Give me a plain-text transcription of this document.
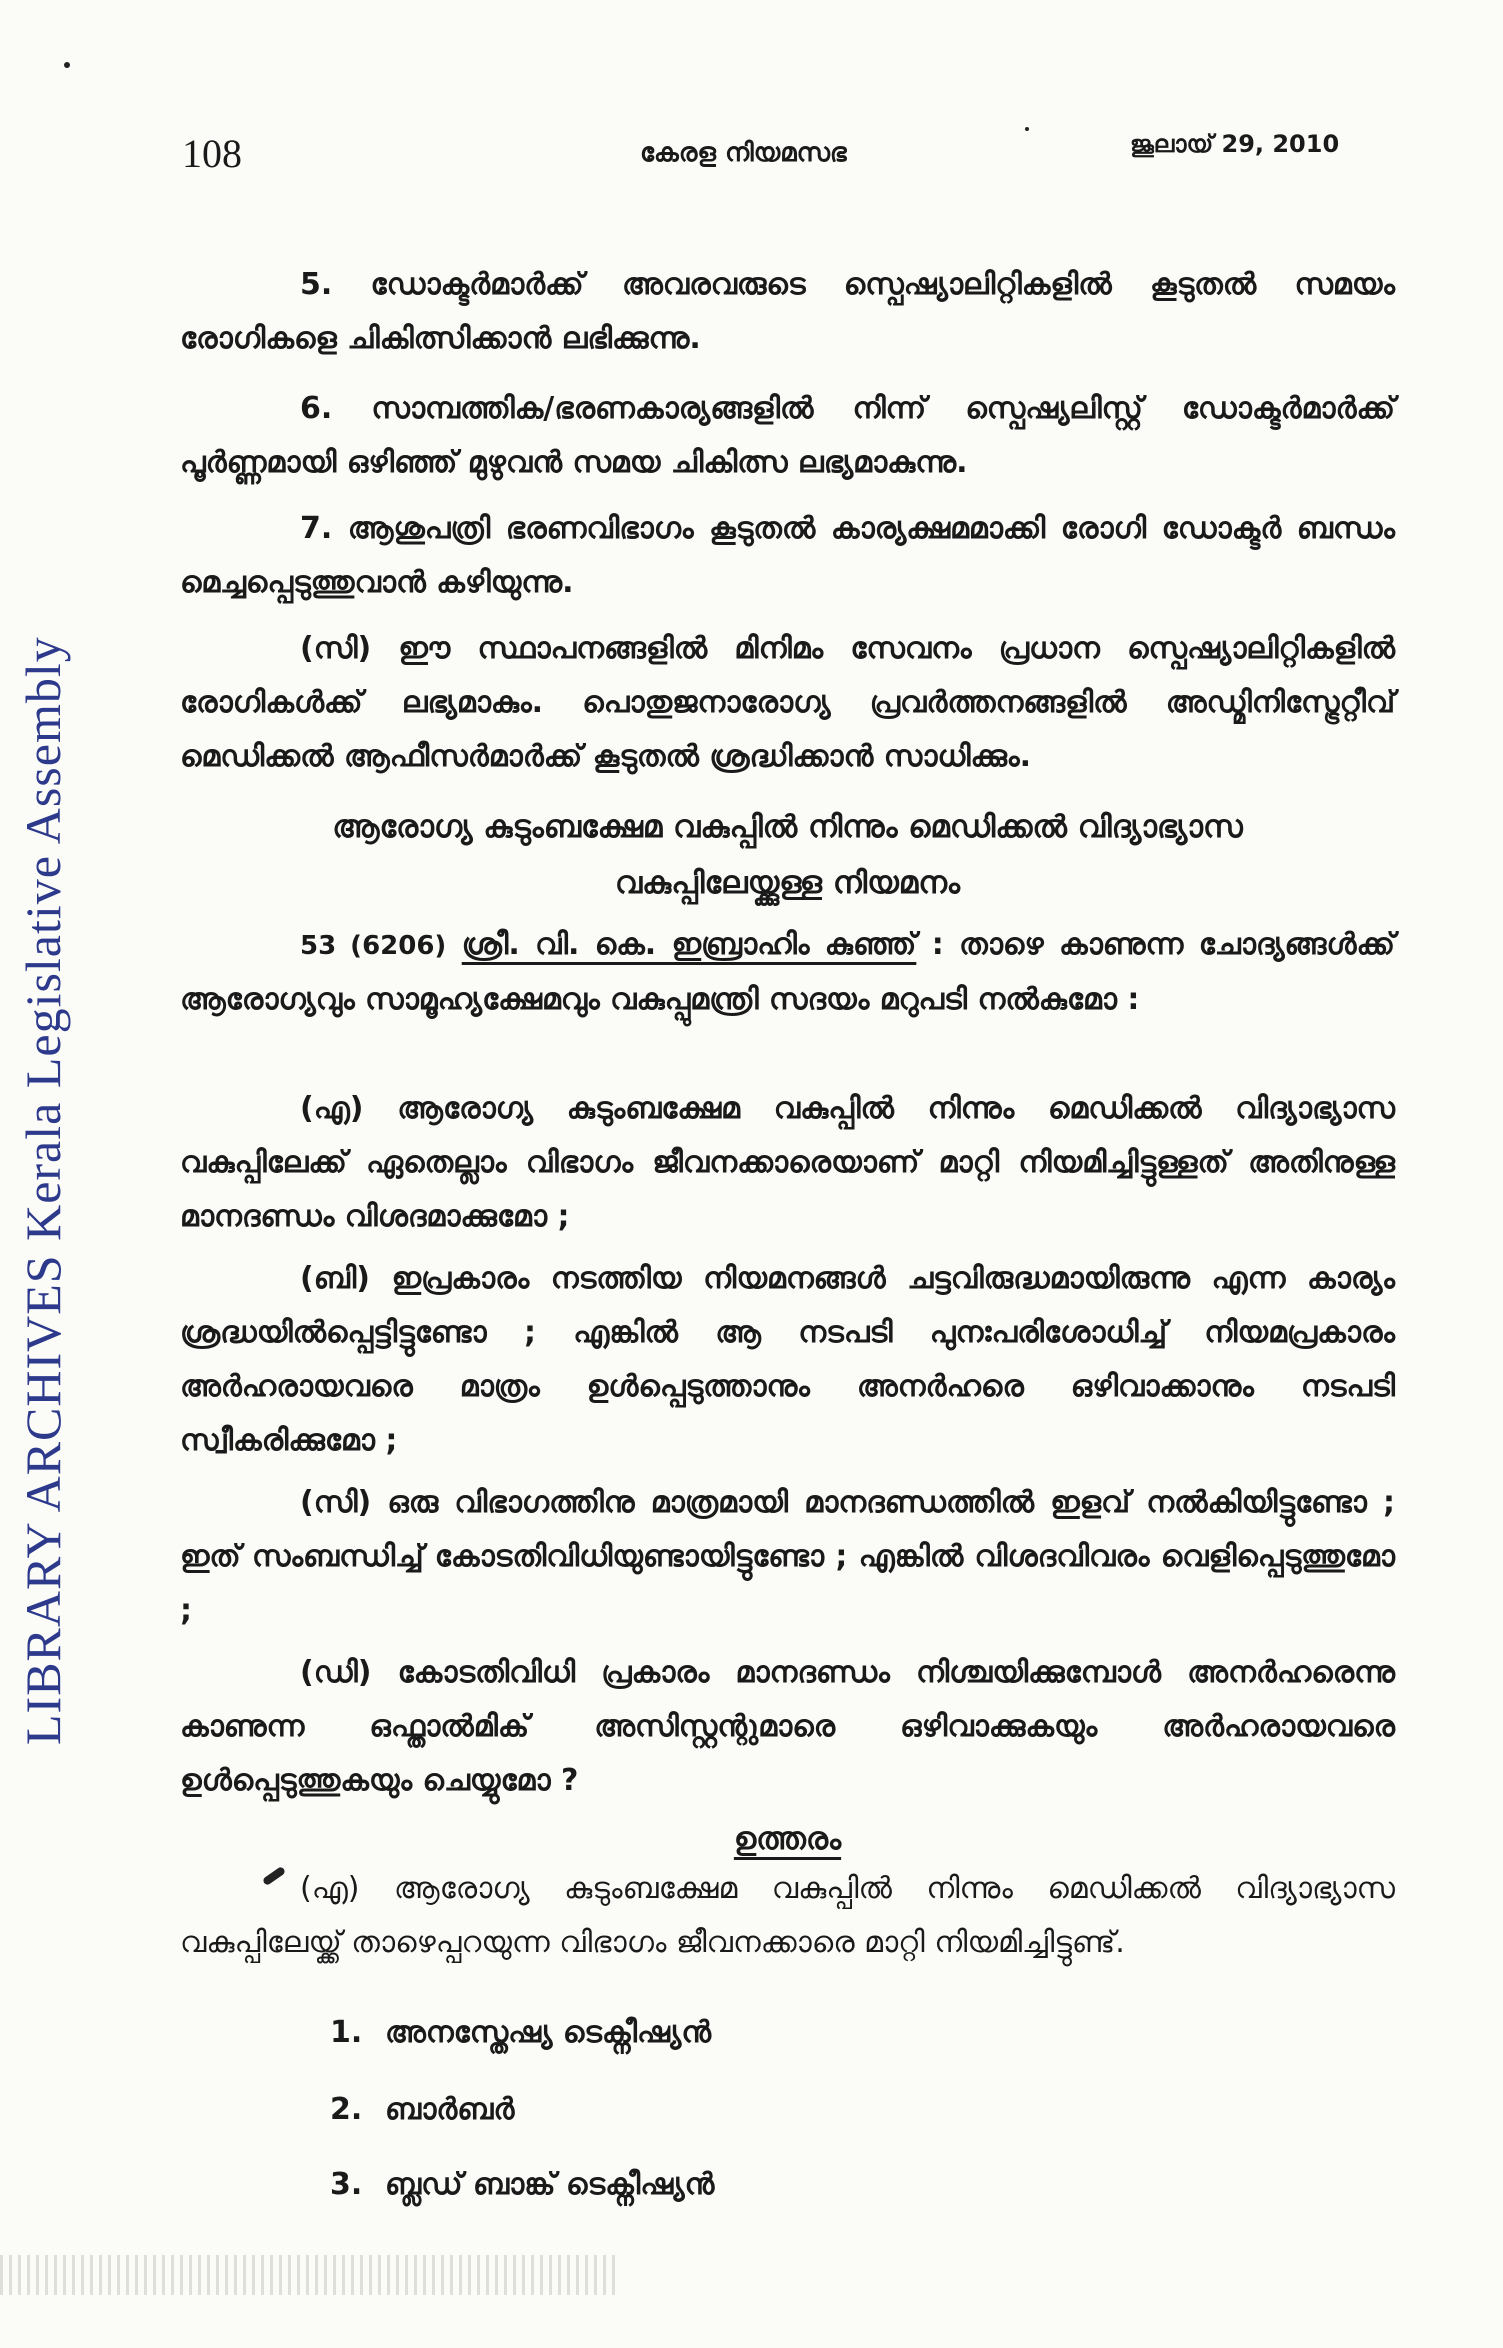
LIBRARY ARCHIVES Kerala Legislative Assembly
108	കേരള നിയമസഭ	ജൂലായ് 29, 2010
5. ഡോക്ടർമാർക്ക് അവരവരുടെ സ്പെഷ്യാലിറ്റികളിൽ കൂടുതൽ സമയം രോഗികളെ ചികിത്സിക്കാൻ ലഭിക്കുന്നു.
6. സാമ്പത്തിക/ഭരണകാര്യങ്ങളിൽ നിന്ന് സ്പെഷ്യലിസ്റ്റ് ഡോക്ടർമാർക്ക് പൂർണ്ണമായി ഒഴിഞ്ഞ് മുഴുവൻ സമയ ചികിത്സ ലഭ്യമാകുന്നു.
7. ആശുപത്രി ഭരണവിഭാഗം കൂടുതൽ കാര്യക്ഷമമാക്കി രോഗി ഡോക്ടർ ബന്ധം മെച്ചപ്പെടുത്തുവാൻ കഴിയുന്നു.
(സി) ഈ സ്ഥാപനങ്ങളിൽ മിനിമം സേവനം പ്രധാന സ്പെഷ്യാലിറ്റികളിൽ രോഗികൾക്ക് ലഭ്യമാകും. പൊതുജനാരോഗ്യ പ്രവർത്തനങ്ങളിൽ അഡ്മിനിസ്ട്രേറ്റീവ് മെഡിക്കൽ ആഫീസർമാർക്ക് കൂടുതൽ ശ്രദ്ധിക്കാൻ സാധിക്കും.
ആരോഗ്യ കുടുംബക്ഷേമ വകുപ്പിൽ നിന്നും മെഡിക്കൽ വിദ്യാഭ്യാസ
വകുപ്പിലേയ്ക്കുള്ള നിയമനം
53 (6206) ശ്രീ. വി. കെ. ഇബ്രാഹിം കുഞ്ഞ് : താഴെ കാണുന്ന ചോദ്യങ്ങൾക്ക് ആരോഗ്യവും സാമൂഹ്യക്ഷേമവും വകുപ്പുമന്ത്രി സദയം മറുപടി നൽകുമോ :
(എ) ആരോഗ്യ കുടുംബക്ഷേമ വകുപ്പിൽ നിന്നും മെഡിക്കൽ വിദ്യാഭ്യാസ വകുപ്പിലേക്ക് ഏതെല്ലാം വിഭാഗം ജീവനക്കാരെയാണ് മാറ്റി നിയമിച്ചിട്ടുള്ളത് അതിനുള്ള മാനദണ്ഡം വിശദമാക്കുമോ ;
(ബി) ഇപ്രകാരം നടത്തിയ നിയമനങ്ങൾ ചട്ടവിരുദ്ധമായിരുന്നു എന്ന കാര്യം ശ്രദ്ധയിൽപ്പെട്ടിട്ടുണ്ടോ ; എങ്കിൽ ആ നടപടി പുനഃപരിശോധിച്ച് നിയമപ്രകാരം അർഹരായവരെ മാത്രം ഉൾപ്പെടുത്താനും അനർഹരെ ഒഴിവാക്കാനും നടപടി സ്വീകരിക്കുമോ ;
(സി) ഒരു വിഭാഗത്തിനു മാത്രമായി മാനദണ്ഡത്തിൽ ഇളവ് നൽകിയിട്ടുണ്ടോ ; ഇത് സംബന്ധിച്ച് കോടതിവിധിയുണ്ടായിട്ടുണ്ടോ ; എങ്കിൽ വിശദവിവരം വെളിപ്പെടുത്തുമോ ;
(ഡി) കോടതിവിധി പ്രകാരം മാനദണ്ഡം നിശ്ചയിക്കുമ്പോൾ അനർഹരെന്നു കാണുന്ന ഒഫ്താൽമിക് അസിസ്റ്റന്റുമാരെ ഒഴിവാക്കുകയും അർഹരായവരെ ഉൾപ്പെടുത്തുകയും ചെയ്യുമോ ?
ഉത്തരം
(എ) ആരോഗ്യ കുടുംബക്ഷേമ വകുപ്പിൽ നിന്നും മെഡിക്കൽ വിദ്യാഭ്യാസ വകുപ്പിലേയ്ക്ക് താഴെപ്പറയുന്ന വിഭാഗം ജീവനക്കാരെ മാറ്റി നിയമിച്ചിട്ടുണ്ട്.
1. അനസ്തേഷ്യ ടെക്നീഷ്യൻ
2. ബാർബർ
3. ബ്ലഡ് ബാങ്ക് ടെക്നീഷ്യൻ
